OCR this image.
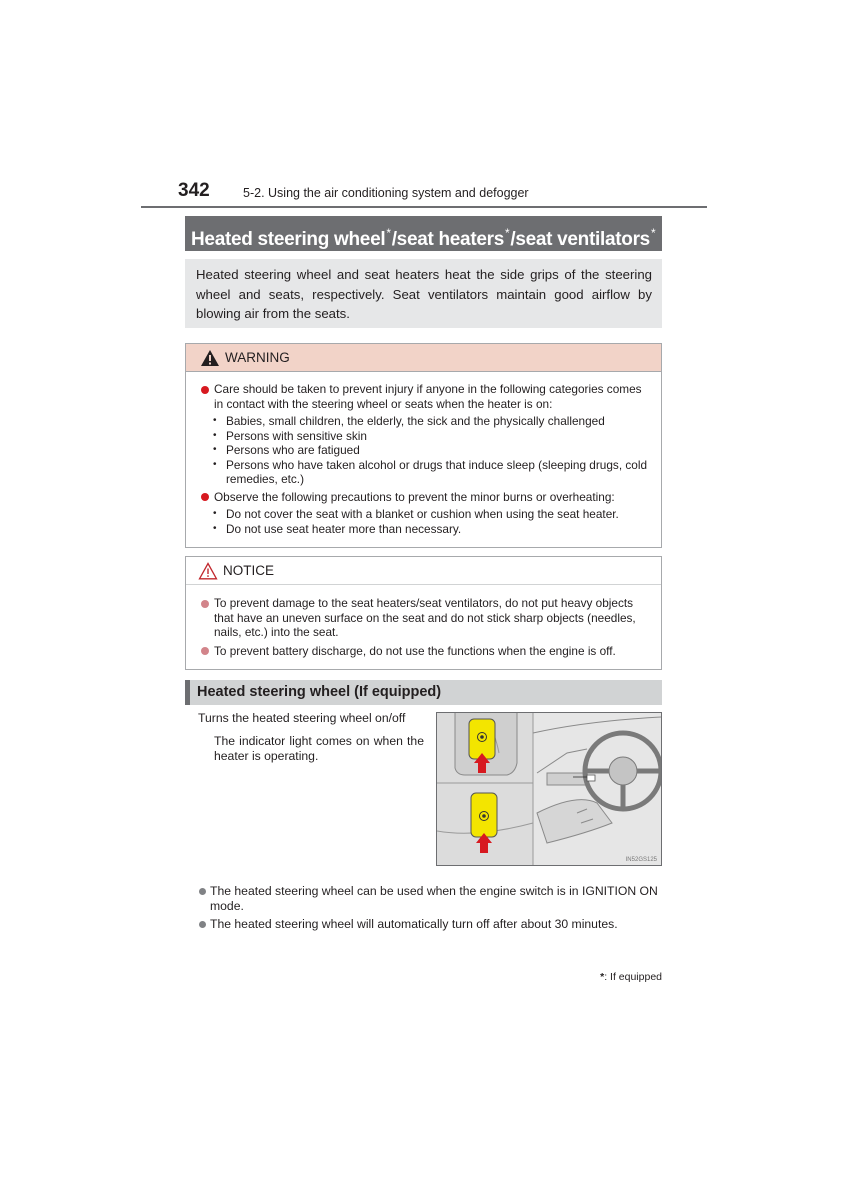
342	5-2. Using the air conditioning system and defogger
Heated steering wheel*/seat heaters*/seat ventilators*
Heated steering wheel and seat heaters heat the side grips of the steering wheel and seats, respectively. Seat ventilators maintain good airflow by blowing air from the seats.
WARNING
Care should be taken to prevent injury if anyone in the following categories comes in contact with the steering wheel or seats when the heater is on:
• Babies, small children, the elderly, the sick and the physically challenged
• Persons with sensitive skin
• Persons who are fatigued
• Persons who have taken alcohol or drugs that induce sleep (sleeping drugs, cold remedies, etc.)
Observe the following precautions to prevent the minor burns or overheating:
• Do not cover the seat with a blanket or cushion when using the seat heater.
• Do not use seat heater more than necessary.
NOTICE
To prevent damage to the seat heaters/seat ventilators, do not put heavy objects that have an uneven surface on the seat and do not stick sharp objects (needles, nails, etc.) into the seat.
To prevent battery discharge, do not use the functions when the engine is off.
Heated steering wheel (If equipped)
Turns the heated steering wheel on/off
The indicator light comes on when the heater is operating.
IN52GS125
The heated steering wheel can be used when the engine switch is in IGNITION ON mode.
The heated steering wheel will automatically turn off after about 30 minutes.
*: If equipped
